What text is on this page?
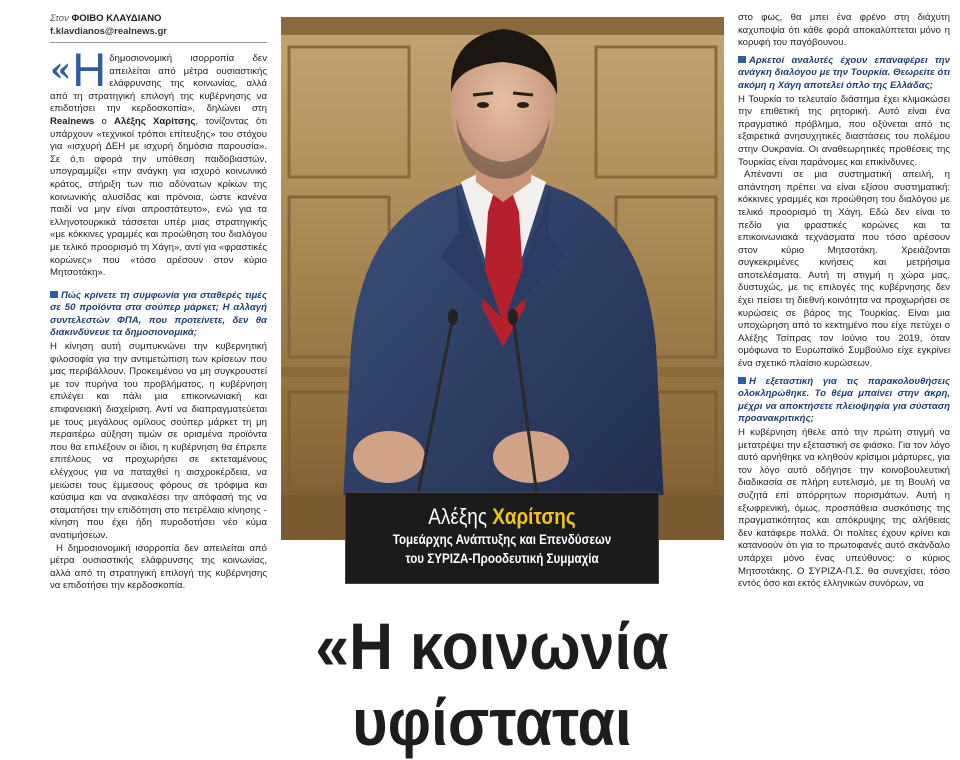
Στον ΦΟΙΒΟ ΚΛΑΥΔΙΑΝΟ
f.klavdianos@realnews.gr
« Η δημοσιονομική ισορροπία δεν απειλείται από μέτρα ουσιαστικής ελάφρυνσης της κοινωνίας, αλλά από τη στρατηγική επιλογή της κυβέρνησης να επιδοτήσει την κερδοσκοπία», δηλώνει στη Realnews ο Αλέξης Χαρίτσης, τονίζοντας ότι υπάρχουν «τεχνικοί τρόποι επίτευξης» του στόχου για «ισχυρή ΔΕΗ με ισχυρή δημόσια παρουσία». Σε ό,τι αφορά την υπόθεση παιδοβιαστών, υπογραμμίζει «την ανάγκη για ισχυρό κοινωνικό κράτος, στήριξη των πιο αδύνατων κρίκων της κοινωνικής αλυσίδας και πρόνοια, ώστε κανένα παιδί να μην είναι απροστάτευτο», ενώ για τα ελληνοτουρκικά τάσσεται υπέρ μιας στρατηγικής «με κόκκινες γραμμές και προώθηση του διαλόγου με τελικό προορισμό τη Χάγη», αντί για «φραστικές κορώνες» που «τόσο αρέσουν στον κύριο Μητσοτάκη».
Πώς κρίνετε τη συμφωνία για σταθερές τιμές σε 50 προϊόντα στα σούπερ μάρκετ; Η αλλαγή συντελεστών ΦΠΑ, που προτείνετε, δεν θα διακινδύνευε τα δημοσιονομικά;

Η κίνηση αυτή συμπυκνώνει την κυβερνητική φιλοσοφία για την αντιμετώπιση των κρίσεων που μας περιβάλλουν. Προκειμένου να μη συγκρουστεί με τον πυρήνα του προβλήματος, η κυβέρνηση επιλέγει και πάλι μια επικοινωνιακή και επιφανειακή διαχείριση. Αντί να διαπραγματεύεται με τους μεγάλους ομίλους σούπερ μάρκετ τη μη περαιτέρω αύξηση τιμών σε ορισμένα προϊόντα που θα επιλέξουν οι ίδιοι, η κυβέρνηση θα έπρεπε επιτέλους να προχωρήσει σε εκτεταμένους ελέγχους για να παταχθεί η αισχροκέρδεια, να μειώσει τους έμμεσους φόρους σε τρόφιμα και καύσιμα και να ανακαλέσει την απόφασή της να σταματήσει την επιδότηση στο πετρέλαιο κίνησης - κίνηση που έχει ήδη πυροδοτήσει νέο κύμα ανατιμήσεων.

Η δημοσιονομική ισορροπία δεν απειλείται από μέτρα ουσιαστικής ελάφρυνσης της κοινωνίας, αλλά από τη στρατηγική επιλογή της κυβέρνησης να επιδοτήσει την κερδοσκοπία.

Αλέξης Χαρίτσης
Τομεάρχης Ανάπτυξης και Επενδύσεων
του ΣΥΡΙΖΑ-Προοδευτική Συμμαχία
«Η κοινωνία
υφίσταται

στο φως, θα μπει ένα φρένο στη διάχυτη καχυποψία ότι κάθε φορά αποκαλύπτεται μόνο η κορυφή του παγόβουνου.

Αρκετοί αναλυτές έχουν επαναφέρει την ανάγκη διαλόγου με την Τουρκία. Θεωρείτε ότι ακόμη η Χάγη αποτελεί όπλο της Ελλάδας;

Η Τουρκία το τελευταίο διάστημα έχει κλιμακώσει την επιθετική της ρητορική. Αυτό είναι ένα πραγματικό πρόβλημα, που οξύνεται από τις εξαιρετικά ανησυχητικές διαστάσεις του πολέμου στην Ουκρανία. Οι αναθεωρητικές προθέσεις της Τουρκίας είναι παράνομες και επικίνδυνες.

Απέναντι σε μια συστηματική απειλή, η απάντηση πρέπει να είναι εξίσου συστηματική: κόκκινες γραμμές και προώθηση του διαλόγου με τελικό προορισμό τη Χάγη. Εδώ δεν είναι το πεδίο για φραστικές κορώνες και τα επικοινωνιακά τεχνάσματα που τόσο αρέσουν στον κύριο Μητσοτάκη. Χρειάζονται συγκεκριμένες κινήσεις και μετρήσιμα αποτελέσματα. Αυτή τη στιγμή η χώρα μας, δυστυχώς, με τις επιλογές της κυβέρνησης δεν έχει πείσει τη διεθνή κοινότητα να προχωρήσει σε κυρώσεις σε βάρος της Τουρκίας. Είναι μια υποχώρηση από το κεκτημένο που είχε πετύχει ο Αλέξης Τσίπρας τον Ιούνιο του 2019, όταν ομόφωνα το Ευρωπαϊκό Συμβούλιο είχε εγκρίνει ένα σχετικό πλαίσιο κυρώσεων.

Η εξεταστική για τις παρακολουθήσεις ολοκληρώθηκε. Το θέμα μπαίνει στην άκρη, μέχρι να αποκτήσετε πλειοψηφία για σύσταση προανακριτικής;

Η κυβέρνηση ήθελε από την πρώτη στιγμή να μετατρέψει την εξεταστική σε φιάσκο. Για τον λόγο αυτό αρνήθηκε να κληθούν κρίσιμοι μάρτυρες, για τον λόγο αυτό οδήγησε την κοινοβουλευτική διαδικασία σε πλήρη ευτελισμό, με τη Βουλή να συζητά επί απόρρητων πορισμάτων. Αυτή η εξωφρενική, όμως, προσπάθεια συσκότισης της πραγματικότητας και απόκρυψης της αλήθειας δεν κατάφερε πολλά. Οι πολίτες έχουν κρίνει και κατανοούν ότι για το πρωτοφανές αυτό σκάνδαλο υπάρχει μόνο ένας υπεύθυνος: ο κύριος Μητσοτάκης. Ο ΣΥΡΙΖΑ-Π.Σ. θα συνεχίσει, τόσο εντός όσο και εκτός ελληνικών συνόρων, να
